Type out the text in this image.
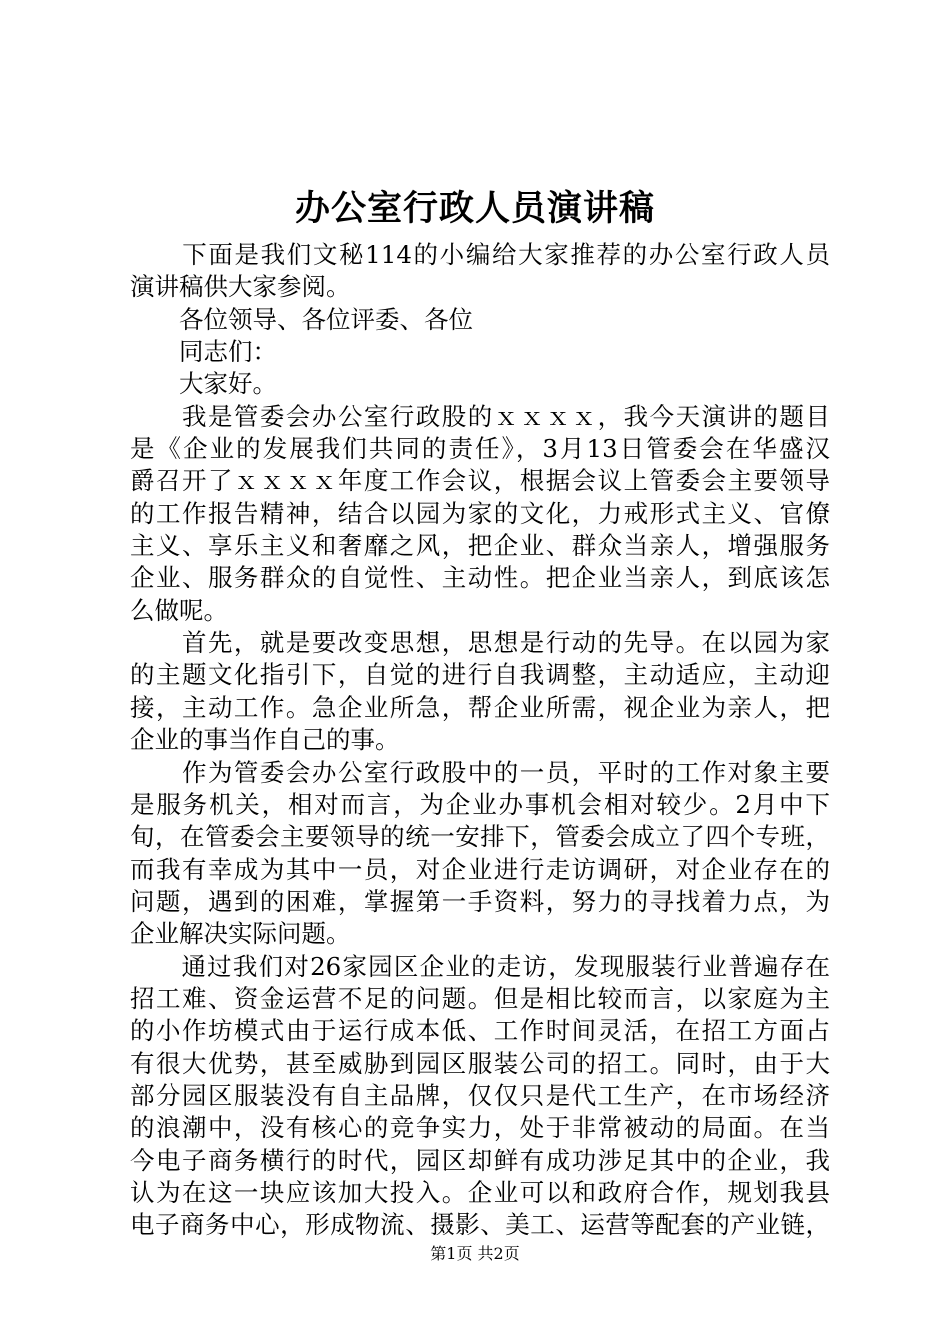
办公室行政人员演讲稿
　　下面是我们文秘114的小编给大家推荐的办公室行政人员
演讲稿供大家参阅。
　　各位领导、各位评委、各位
　　同志们：
　　大家好。
　　我是管委会办公室行政股的ｘｘｘｘ，我今天演讲的题目
是《企业的发展我们共同的责任》，3月13日管委会在华盛汉
爵召开了ｘｘｘｘ年度工作会议，根据会议上管委会主要领导
的工作报告精神，结合以园为家的文化，力戒形式主义、官僚
主义、享乐主义和奢靡之风，把企业、群众当亲人，增强服务
企业、服务群众的自觉性、主动性。把企业当亲人，到底该怎
么做呢。
　　首先，就是要改变思想，思想是行动的先导。在以园为家
的主题文化指引下，自觉的进行自我调整，主动适应，主动迎
接，主动工作。急企业所急，帮企业所需，视企业为亲人，把
企业的事当作自己的事。
　　作为管委会办公室行政股中的一员，平时的工作对象主要
是服务机关，相对而言，为企业办事机会相对较少。2月中下
旬，在管委会主要领导的统一安排下，管委会成立了四个专班，
而我有幸成为其中一员，对企业进行走访调研，对企业存在的
问题，遇到的困难，掌握第一手资料，努力的寻找着力点，为
企业解决实际问题。
　　通过我们对26家园区企业的走访，发现服装行业普遍存在
招工难、资金运营不足的问题。但是相比较而言，以家庭为主
的小作坊模式由于运行成本低、工作时间灵活，在招工方面占
有很大优势，甚至威胁到园区服装公司的招工。同时，由于大
部分园区服装没有自主品牌，仅仅只是代工生产，在市场经济
的浪潮中，没有核心的竞争实力，处于非常被动的局面。在当
今电子商务横行的时代，园区却鲜有成功涉足其中的企业，我
认为在这一块应该加大投入。企业可以和政府合作，规划我县
电子商务中心，形成物流、摄影、美工、运营等配套的产业链，
第1页 共2页
